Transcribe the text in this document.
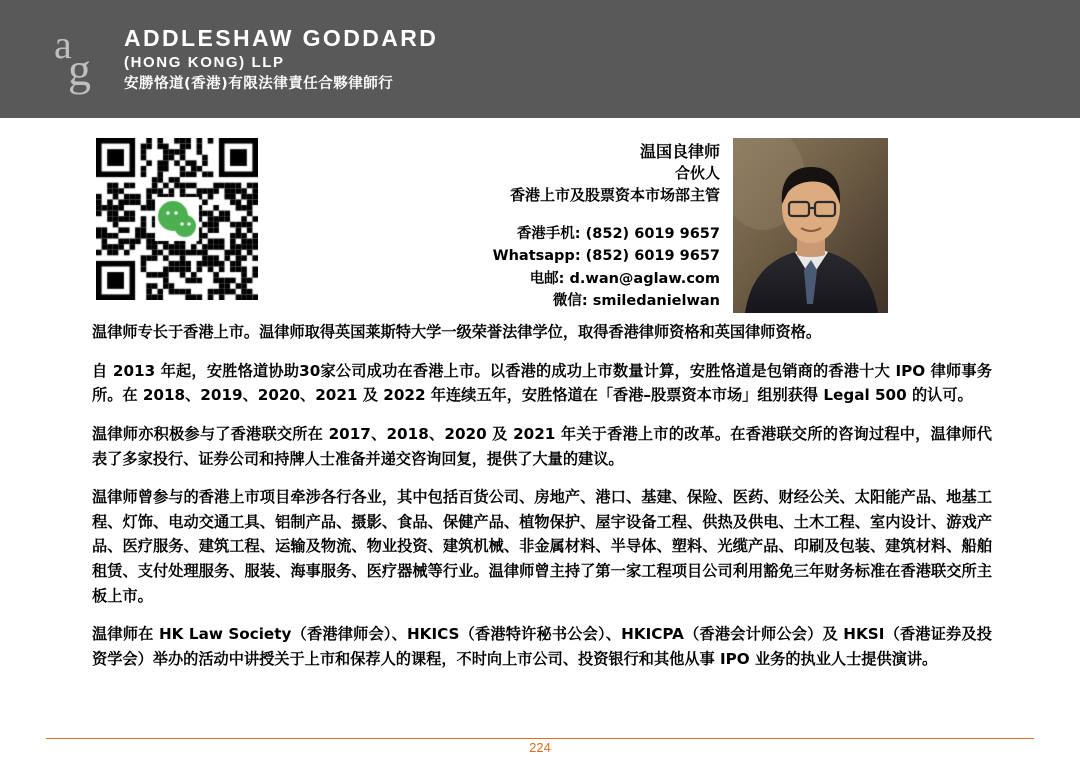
a
g
ADDLESHAW GODDARD
(HONG KONG) LLP
安勝恪道(香港)有限法律責任合夥律師行
温国良律师
合伙人
香港上市及股票资本市场部主管
香港手机: (852) 6019 9657
Whatsapp: (852) 6019 9657
电邮: d.wan@aglaw.com
微信: smiledanielwan

温律师专长于香港上市。温律师取得英国莱斯特大学一级荣誉法律学位，取得香港律师资格和英国律师资格。

自 2013 年起，安胜恪道协助30家公司成功在香港上市。以香港的成功上市数量计算，安胜恪道是包销商的香港十大 IPO 律师事务所。在 2018、2019、2020、2021 及 2022 年连续五年，安胜恪道在「香港–股票资本市场」组别获得 Legal 500 的认可。

温律师亦积极参与了香港联交所在 2017、2018、2020 及 2021 年关于香港上市的改革。在香港联交所的咨询过程中，温律师代表了多家投行、证券公司和持牌人士准备并递交咨询回复，提供了大量的建议。

温律师曾参与的香港上市项目牵涉各行各业，其中包括百货公司、房地产、港口、基建、保险、医药、财经公关、太阳能产品、地基工程、灯饰、电动交通工具、铝制产品、摄影、食品、保健产品、植物保护、屋宇设备工程、供热及供电、土木工程、室内设计、游戏产品、医疗服务、建筑工程、运输及物流、物业投资、建筑机械、非金属材料、半导体、塑料、光缆产品、印刷及包装、建筑材料、船舶租赁、支付处理服务、服装、海事服务、医疗器械等行业。温律师曾主持了第一家工程项目公司利用豁免三年财务标准在香港联交所主板上市。

温律师在 HK Law Society（香港律师会）、HKICS（香港特许秘书公会）、HKICPA（香港会计师公会）及 HKSI（香港证券及投资学会）举办的活动中讲授关于上市和保荐人的课程，不时向上市公司、投资银行和其他从事 IPO 业务的执业人士提供演讲。

224
